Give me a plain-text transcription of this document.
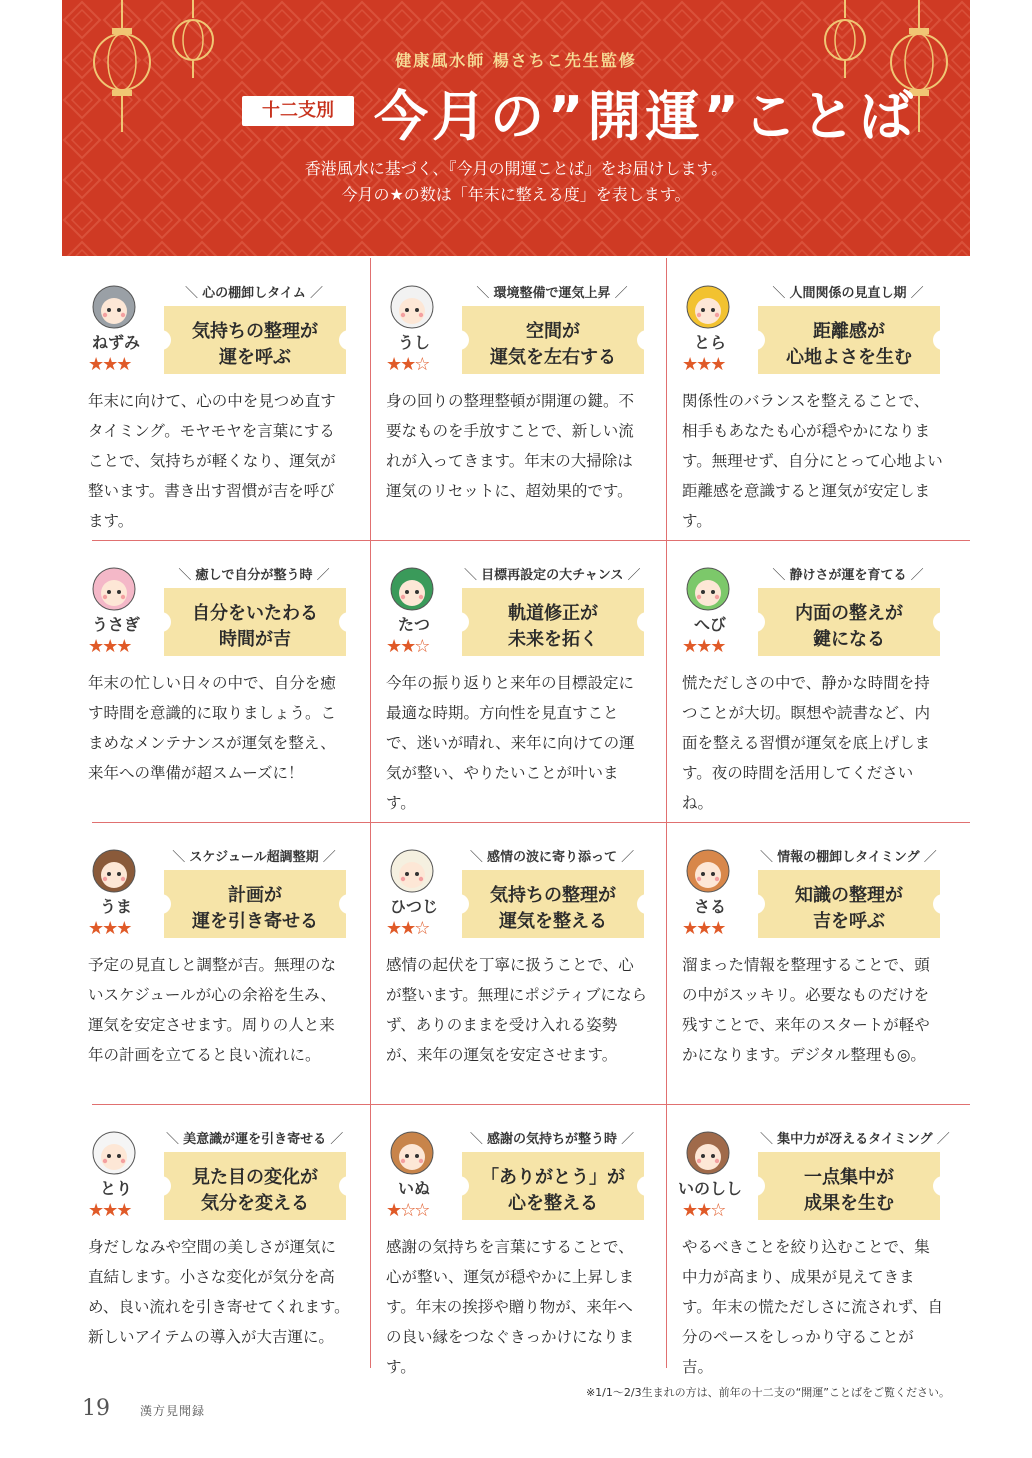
健康風水師 楊さちこ先生監修
十二支別 今月の”開運”ことば
香港風水に基づく、『今月の開運ことば』をお届けします。
今月の★の数は「年末に整える度」を表します。
ねずみ
★★★
＼ 心の棚卸しタイム ／
気持ちの整理が
運を呼ぶ
年末に向けて、心の中を見つめ直すタイミング。モヤモヤを言葉にすることで、気持ちが軽くなり、運気が整います。書き出す習慣が吉を呼びます。
うし
★★☆
＼ 環境整備で運気上昇 ／
空間が
運気を左右する
身の回りの整理整頓が開運の鍵。不要なものを手放すことで、新しい流れが入ってきます。年末の大掃除は運気のリセットに、超効果的です。
とら
★★★
＼ 人間関係の見直し期 ／
距離感が
心地よさを生む
関係性のバランスを整えることで、相手もあなたも心が穏やかになります。無理せず、自分にとって心地よい距離感を意識すると運気が安定します。
うさぎ
★★★
＼ 癒しで自分が整う時 ／
自分をいたわる
時間が吉
年末の忙しい日々の中で、自分を癒す時間を意識的に取りましょう。こまめなメンテナンスが運気を整え、来年への準備が超スムーズに！
たつ
★★☆
＼ 目標再設定の大チャンス ／
軌道修正が
未来を拓く
今年の振り返りと来年の目標設定に最適な時期。方向性を見直すことで、迷いが晴れ、来年に向けての運気が整い、やりたいことが叶います。
へび
★★★
＼ 静けさが運を育てる ／
内面の整えが
鍵になる
慌ただしさの中で、静かな時間を持つことが大切。瞑想や読書など、内面を整える習慣が運気を底上げします。夜の時間を活用してくださいね。
うま
★★★
＼ スケジュール超調整期 ／
計画が
運を引き寄せる
予定の見直しと調整が吉。無理のないスケジュールが心の余裕を生み、運気を安定させます。周りの人と来年の計画を立てると良い流れに。
ひつじ
★★☆
＼ 感情の波に寄り添って ／
気持ちの整理が
運気を整える
感情の起伏を丁寧に扱うことで、心が整います。無理にポジティブにならず、ありのままを受け入れる姿勢が、来年の運気を安定させます。
さる
★★★
＼ 情報の棚卸しタイミング ／
知識の整理が
吉を呼ぶ
溜まった情報を整理することで、頭の中がスッキリ。必要なものだけを残すことで、来年のスタートが軽やかになります。デジタル整理も◎。
とり
★★★
＼ 美意識が運を引き寄せる ／
見た目の変化が
気分を変える
身だしなみや空間の美しさが運気に直結します。小さな変化が気分を高め、良い流れを引き寄せてくれます。新しいアイテムの導入が大吉運に。
いぬ
★☆☆
＼ 感謝の気持ちが整う時 ／
「ありがとう」が
心を整える
感謝の気持ちを言葉にすることで、心が整い、運気が穏やかに上昇します。年末の挨拶や贈り物が、来年への良い縁をつなぐきっかけになります。
いのしし
★★☆
＼ 集中力が冴えるタイミング ／
一点集中が
成果を生む
やるべきことを絞り込むことで、集中力が高まり、成果が見えてきます。年末の慌ただしさに流されず、自分のペースをしっかり守ることが吉。
※1/1〜2/3生まれの方は、前年の十二支の“開運”ことばをご覧ください。
19	漢方見聞録
